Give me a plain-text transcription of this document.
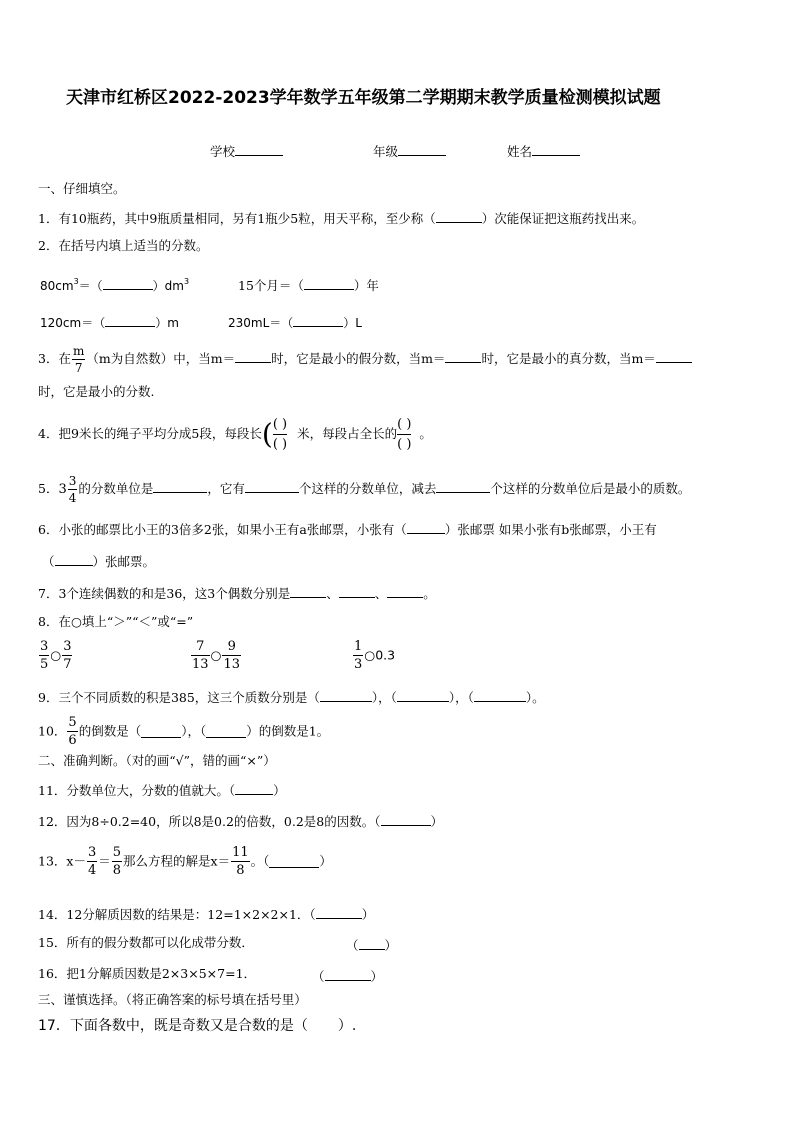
天津市红桥区2022-2023学年数学五年级第二学期期末教学质量检测模拟试题
学校	年级	姓名
一、仔细填空。
1．有10瓶药，其中9瓶质量相同，另有1瓶少5粒，用天平称，至少称（	）次能保证把这瓶药找出来。
2．在括号内填上适当的分数。
$80cm^3=$（	）$dm^3$	15个月＝（	）年
120cm＝（	）m	230mL＝（	）L
3．在 $\frac{m}{7} (m$为自然数）中，当m＝	时，它是最小的假分数，当m＝	时，它是最小的真分数，当m＝
时，它是最小的分数.
4．把9米长的绳子平均分成5段，每段长( ( )
( )
米，每段占全长的
( )
( )
。
5．$3 \frac{3}{4}$ 的分数单位是	，它有	个这样的分数单位，减去	个这样的分数单位后是最小的质数。
6．小张的邮票比小王的3倍多2张，如果小王有a张邮票，小张有（	）张邮票 如果小张有b张邮票，小王有
（	）张邮票。
7．3个连续偶数的和是36，这3个偶数分别是	、	、	。
8．在○填上“＞”“＜”或“=”
$\frac{3}{5}$ ○ $\frac{3}{7}$	$\frac{7}{13}$ ○ $\frac{9}{13}$	$\frac{1}{3}$ ○0.3
9．三个不同质数的积是385，这三个质数分别是（	），（	），（	）。
10． $\frac{5}{6}$ 的倒数是（	），（	）的倒数是1。
二、准确判断。（对的画“√”，错的画“×”）
11．分数单位大，分数的值就大。（	）
12．因为8÷0.2=40，所以8是0.2的倍数，0.2是8的因数。（	）
13．$x- \frac{3}{4} = \frac{5}{8}$ 那么方程的解是$x= \frac{11}{8}$ 。（	）
14．12分解质因数的结果是：12=1×2×2×1．（	）
15．所有的假分数都可以化成带分数．	（ ）
16．把1分解质因数是2×3×5×7=1．	（	）
三、谨慎选择。（将正确答案的标号填在括号里）
17．下面各数中，既是奇数又是合数的是（ ）.
